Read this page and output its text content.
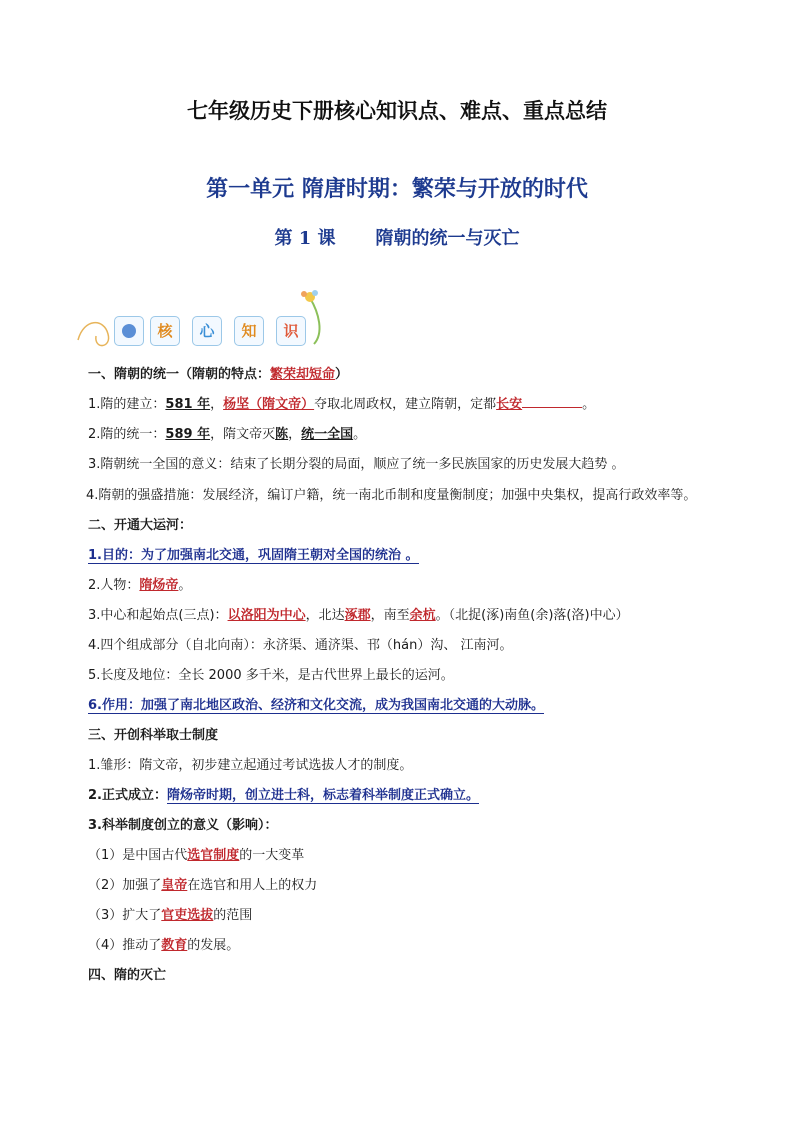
七年级历史下册核心知识点、难点、重点总结
第一单元 隋唐时期：繁荣与开放的时代
第 1 课 隋朝的统一与灭亡
核	心	知	识
一、隋朝的统一（隋朝的特点：繁荣却短命）
1.隋的建立：581 年，杨坚（隋文帝）夺取北周政权，建立隋朝，定都长安	。
2.隋的统一：589 年，隋文帝灭陈，统一全国。
3.隋朝统一全国的意义：结束了长期分裂的局面，顺应了统一多民族国家的历史发展大趋势 。
4.隋朝的强盛措施：发展经济，编订户籍，统一南北币制和度量衡制度；加强中央集权，提高行政效率等。
二、开通大运河：
1.目的：为了加强南北交通，巩固隋王朝对全国的统治 。
2.人物：隋炀帝。
3.中心和起始点(三点)：以洛阳为中心，北达涿郡，南至余杭。（北捉(涿)南鱼(余)落(洛)中心）
4.四个组成部分（自北向南）：永济渠、通济渠、邗（hán）沟、 江南河。
5.长度及地位：全长 2000 多千米，是古代世界上最长的运河。
6.作用：加强了南北地区政治、经济和文化交流，成为我国南北交通的大动脉。
三、开创科举取士制度
1.雏形：隋文帝，初步建立起通过考试选拔人才的制度。
2.正式成立：隋炀帝时期，创立进士科，标志着科举制度正式确立。
3.科举制度创立的意义（影响）：
（1）是中国古代选官制度的一大变革
（2）加强了皇帝在选官和用人上的权力
（3）扩大了官吏选拔的范围
（4）推动了教育的发展。
四、隋的灭亡
